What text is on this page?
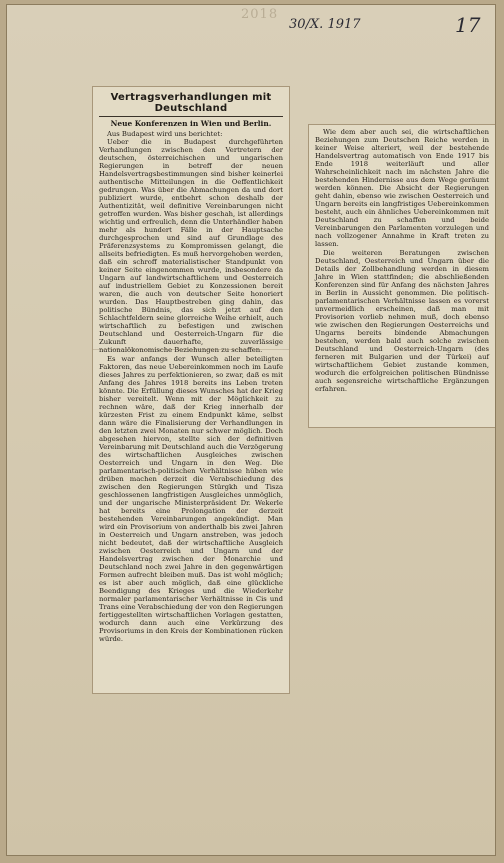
2018
30/X. 1917	17
Vertragsverhandlungen mit Deutschland
Neue Konferenzen in Wien und Berlin.
Aus Budapest wird uns berichtet:

Ueber die in Budapest durchgeführten Verhandlungen zwischen den Vertretern der deutschen, österreichischen und ungarischen Regierungen in betreff der neuen Handelsvertragsbestimmungen sind bisher keinerlei authentische Mitteilungen in die Oeffentlichkeit gedrungen. Was über die Abmachungen da und dort publiziert wurde, entbehrt schon deshalb der Authentizität, weil definitive Vereinbarungen nicht getroffen wurden. Was bisher geschah, ist allerdings wichtig und erfreulich, denn die Unterhändler haben mehr als hundert Fälle in der Hauptsache durchgesprochen und sind auf Grundlage des Präferenzsystems zu Kompromissen gelangt, die allseits befriedigten. Es muß hervorgehoben werden, daß ein schroff materialistischer Standpunkt von keiner Seite eingenommen wurde, insbesondere da Ungarn auf landwirtschaftlichem und Oesterreich auf industriellem Gebiet zu Konzessionen bereit waren, die auch von deutscher Seite honoriert wurden. Das Hauptbestreben ging dahin, das politische Bündnis, das sich jetzt auf den Schlachtfeldern seine glorreiche Weihe erhielt, auch wirtschaftlich zu befestigen und zwischen Deutschland und Oesterreich-Ungarn für die Zukunft dauerhafte, zuverlässige nationalökonomische Beziehungen zu schaffen.

Es war anfangs der Wunsch aller beteiligten Faktoren, das neue Uebereinkommen noch im Laufe dieses Jahres zu perfektionieren, so zwar, daß es mit Anfang des Jahres 1918 bereits ins Leben treten könnte. Die Erfüllung dieses Wunsches hat der Krieg bisher vereitelt. Wenn mit der Möglichkeit zu rechnen wäre, daß der Krieg innerhalb der kürzesten Frist zu einem Endpunkt käme, selbst dann wäre die Finalisierung der Verhandlungen in den letzten zwei Monaten nur schwer möglich. Doch abgesehen hiervon, stellte sich der definitiven Vereinbarung mit Deutschland auch die Verzögerung des wirtschaftlichen Ausgleiches zwischen Oesterreich und Ungarn in den Weg. Die parlamentarisch-politischen Verhältnisse hüben wie drüben machen derzeit die Verabschiedung des zwischen den Regierungen Stürgkh und Tisza geschlossenen langfristigen Ausgleiches unmöglich, und der ungarische Ministerpräsident Dr. Wekerle hat bereits eine Prolongation der derzeit bestehenden Vereinbarungen angekündigt. Man wird ein Provisorium von anderthalb bis zwei Jahren in Oesterreich und Ungarn anstreben, was jedoch nicht bedeutet, daß der wirtschaftliche Ausgleich zwischen Oesterreich und Ungarn und der Handelsvertrag zwischen der Monarchie und Deutschland noch zwei Jahre in den gegenwärtigen Formen aufrecht bleiben muß. Das ist wohl möglich; es ist aber auch möglich, daß eine glückliche Beendigung des Krieges und die Wiederkehr normaler parlamentarischer Verhältnisse in Cis und Trans eine Verabschiedung der von den Regierungen fertiggestellten wirtschaftlichen Vorlagen gestatten, wodurch dann auch eine Verkürzung des Provisoriums in den Kreis der Kombinationen rücken würde.

Wie dem aber auch sei, die wirtschaftlichen Beziehungen zum Deutschen Reiche werden in keiner Weise alteriert, weil der bestehende Handelsvertrag automatisch von Ende 1917 bis Ende 1918 weiterläuft und aller Wahrscheinlichkeit nach im nächsten Jahre die bestehenden Hindernisse aus dem Wege geräumt werden können. Die Absicht der Regierungen geht dahin, ebenso wie zwischen Oesterreich und Ungarn bereits ein langfristiges Uebereinkommen besteht, auch ein ähnliches Uebereinkommen mit Deutschland zu schaffen und beide Vereinbarungen den Parlamenten vorzulegen und nach vollzogener Annahme in Kraft treten zu lassen.

Die weiteren Beratungen zwischen Deutschland, Oesterreich und Ungarn über die Details der Zollbehandlung werden in diesem Jahre in Wien stattfinden; die abschließenden Konferenzen sind für Anfang des nächsten Jahres in Berlin in Aussicht genommen. Die politisch-parlamentarischen Verhältnisse lassen es vorerst unvermeidlich erscheinen, daß man mit Provisorien vorlieb nehmen muß, doch ebenso wie zwischen den Regierungen Oesterreichs und Ungarns bereits bindende Abmachungen bestehen, werden bald auch solche zwischen Deutschland und Oesterreich-Ungarn (des ferneren mit Bulgarien und der Türkei) auf wirtschaftlichem Gebiet zustande kommen, wodurch die erfolgreichen politischen Bündnisse auch segensreiche wirtschaftliche Ergänzungen erfahren.
